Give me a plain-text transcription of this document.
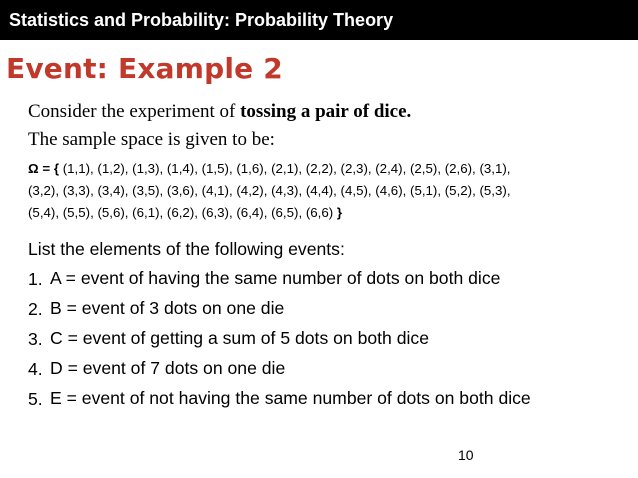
Statistics and Probability: Probability Theory
Event: Example 2
Consider the experiment of tossing a pair of dice.
The sample space is given to be:
Ω = { (1,1), (1,2), (1,3), (1,4), (1,5), (1,6), (2,1), (2,2), (2,3), (2,4), (2,5), (2,6), (3,1),
(3,2), (3,3), (3,4), (3,5), (3,6), (4,1), (4,2), (4,3), (4,4), (4,5), (4,6), (5,1), (5,2), (5,3),
(5,4), (5,5), (5,6), (6,1), (6,2), (6,3), (6,4), (6,5), (6,6) }
List the elements of the following events:
1. A = event of having the same number of dots on both dice
2. B = event of 3 dots on one die
3. C = event of getting a sum of 5 dots on both dice
4. D = event of 7 dots on one die
5. E = event of not having the same number of dots on both dice
10
